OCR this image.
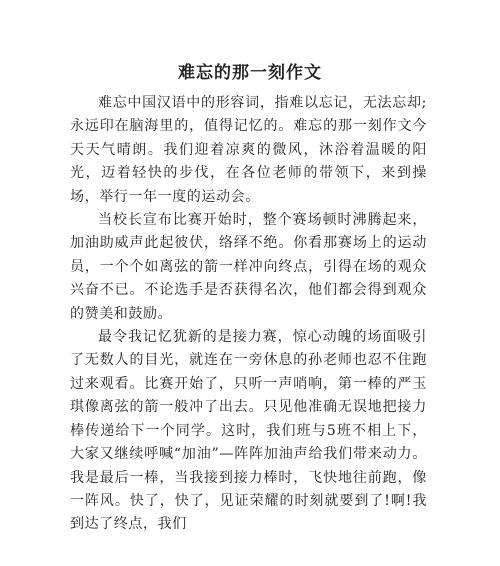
难忘的那一刻作文

难忘中国汉语中的形容词，指难以忘记，无法忘却;永远印在脑海里的，值得记忆的。难忘的那一刻作文今天天气晴朗。我们迎着凉爽的微风，沐浴着温暖的阳光，迈着轻快的步伐，在各位老师的带领下，来到操场，举行一年一度的运动会。

当校长宣布比赛开始时，整个赛场顿时沸腾起来，加油助威声此起彼伏，络绎不绝。你看那赛场上的运动员，一个个如离弦的箭一样冲向终点，引得在场的观众兴奋不已。不论选手是否获得名次，他们都会得到观众的赞美和鼓励。

最令我记忆犹新的是接力赛，惊心动魄的场面吸引了无数人的目光，就连在一旁休息的孙老师也忍不住跑过来观看。比赛开始了，只听一声哨响，第一棒的严玉琪像离弦的箭一般冲了出去。只见他准确无误地把接力棒传递给下一个同学。这时，我们班与5班不相上下，大家又继续呼喊“加油”—阵阵加油声给我们带来动力。我是最后一棒，当我接到接力棒时，飞快地往前跑，像一阵风。快了，快了，见证荣耀的时刻就要到了!啊!我到达了终点，我们
